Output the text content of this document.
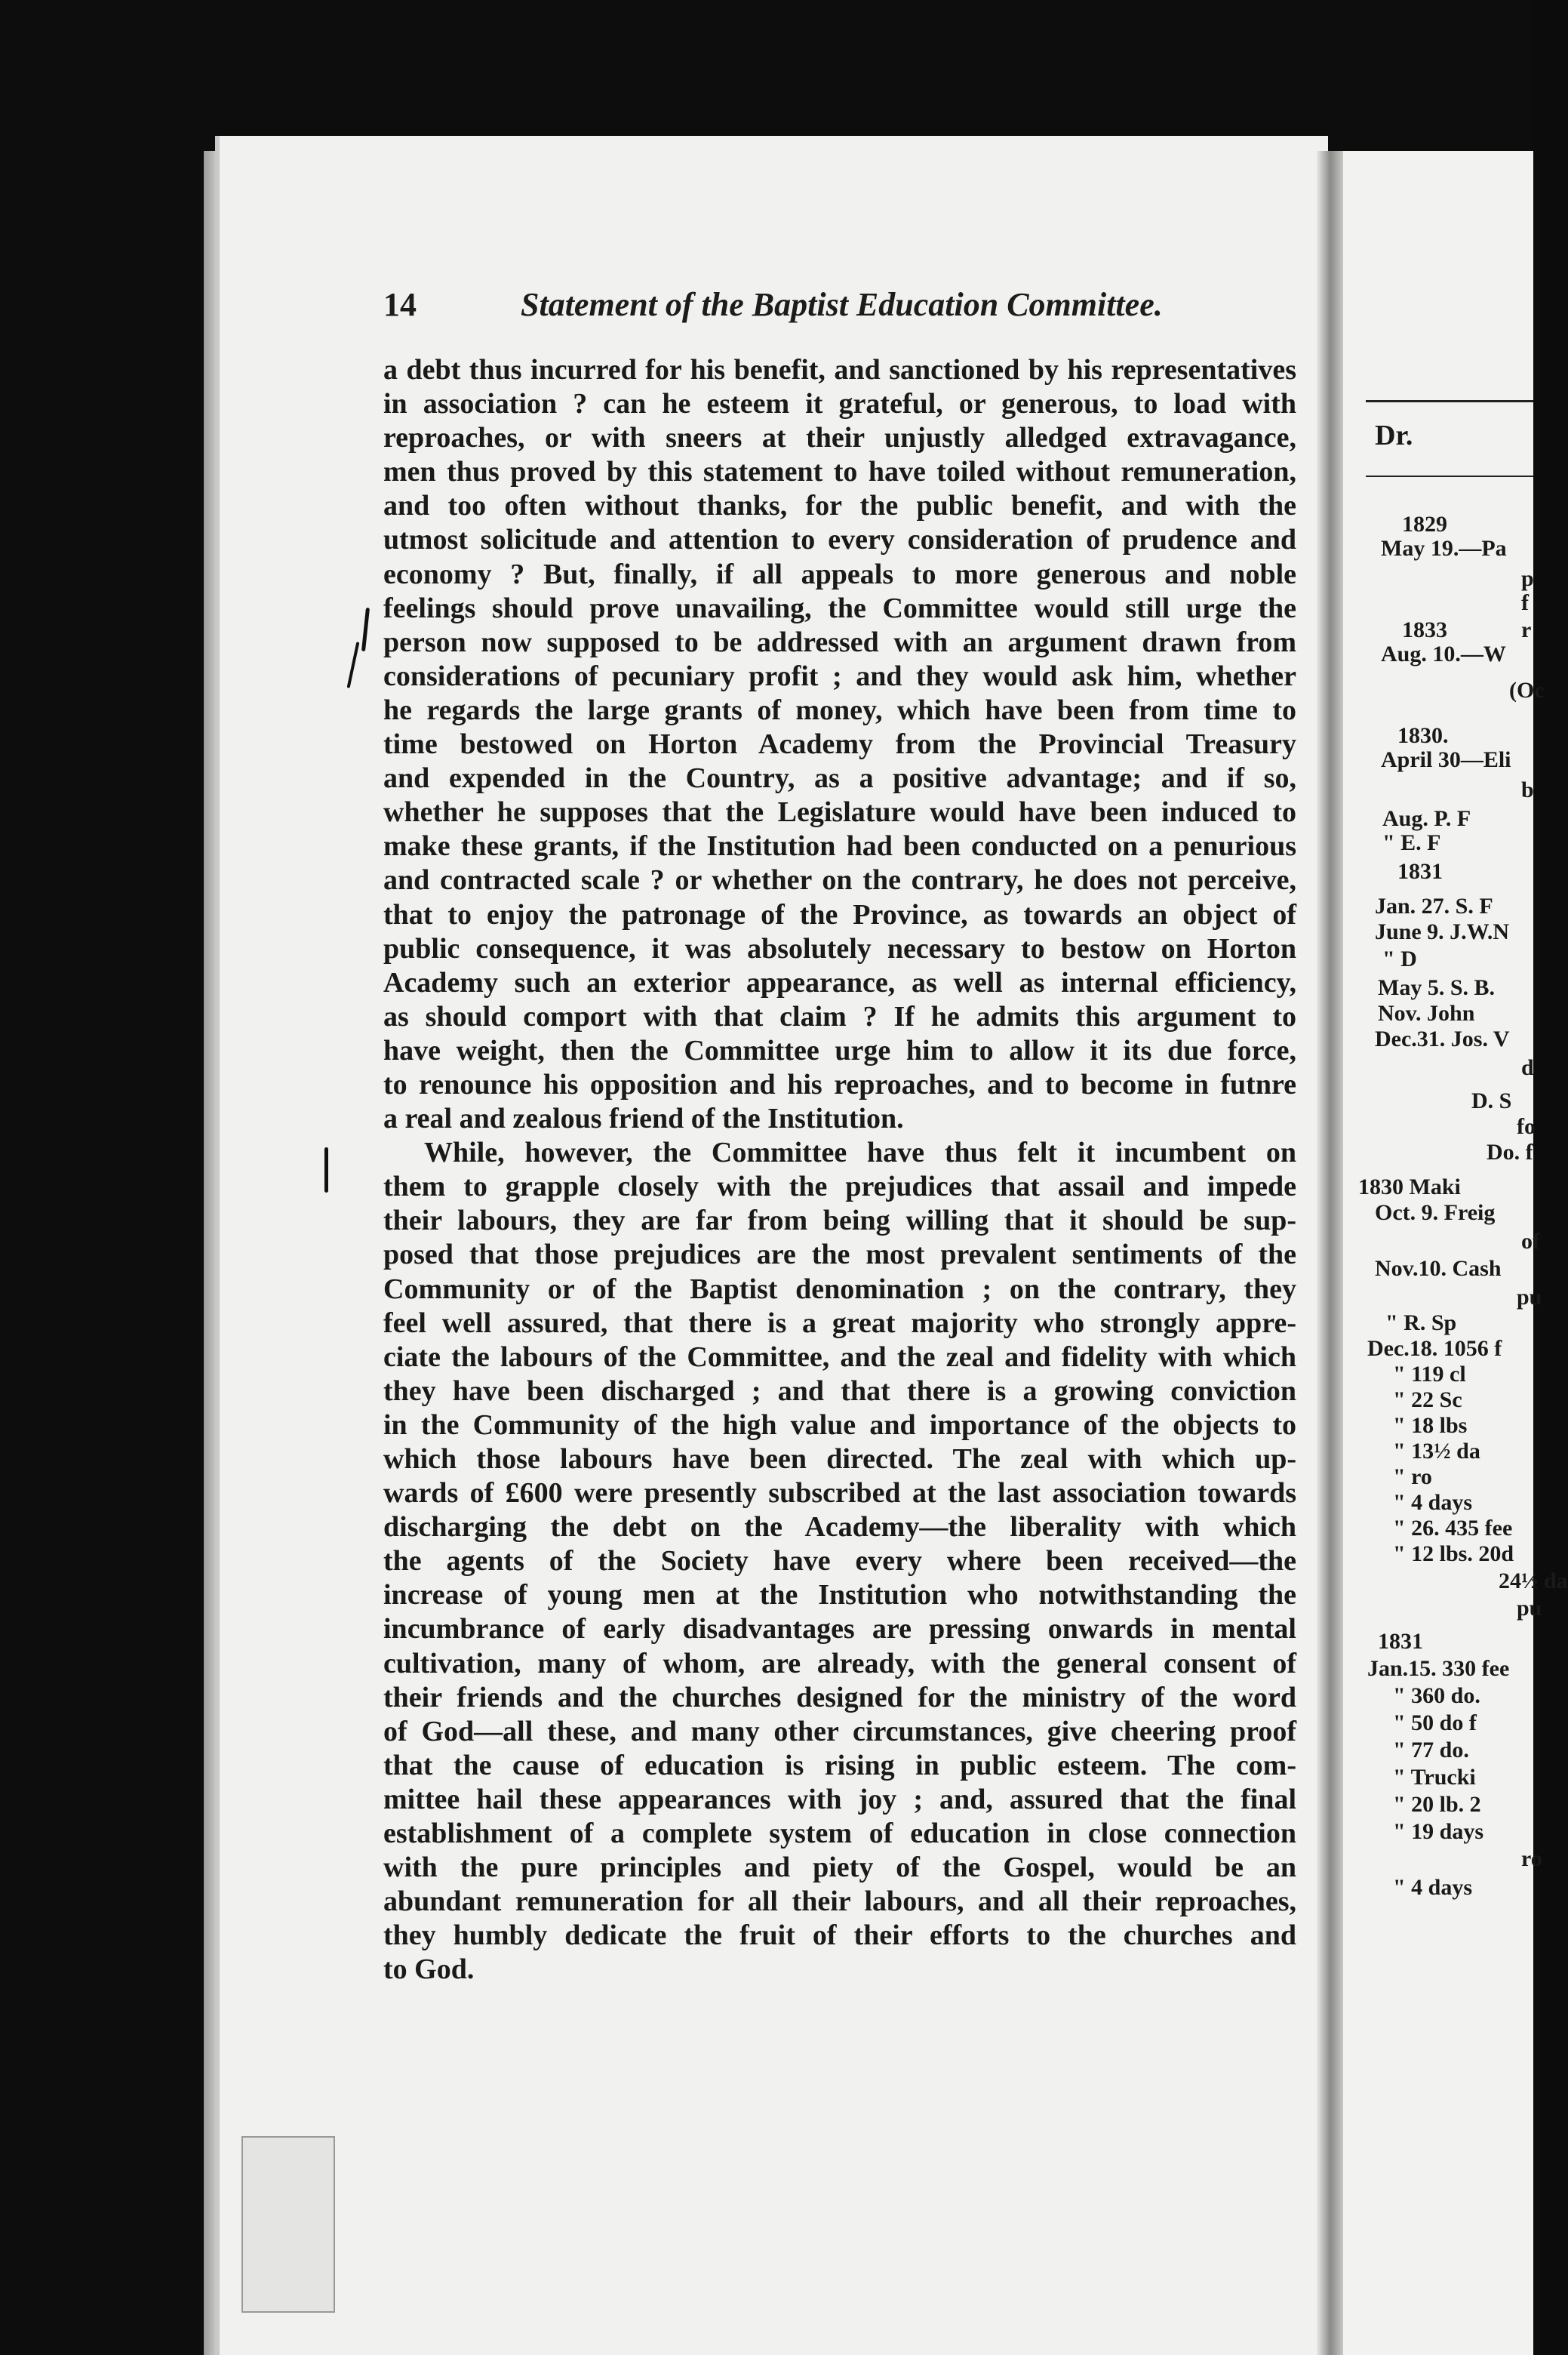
14	Statement of the Baptist Education Committee.
a debt thus incurred for his benefit, and sanctioned by his representatives
in association ? can he esteem it grateful, or generous, to load with
reproaches, or with sneers at their unjustly alledged extravagance,
men thus proved by this statement to have toiled without remuneration,
and too often without thanks, for the public benefit, and with the
utmost solicitude and attention to every consideration of prudence and
economy ? But, finally, if all appeals to more generous and noble
feelings should prove unavailing, the Committee would still urge the
person now supposed to be addressed with an argument drawn from
considerations of pecuniary profit ; and they would ask him, whether
he regards the large grants of money, which have been from time to
time bestowed on Horton Academy from the Provincial Treasury
and expended in the Country, as a positive advantage; and if so,
whether he supposes that the Legislature would have been induced to
make these grants, if the Institution had been conducted on a penurious
and contracted scale ? or whether on the contrary, he does not perceive,
that to enjoy the patronage of the Province, as towards an object of
public consequence, it was absolutely necessary to bestow on Horton
Academy such an exterior appearance, as well as internal efficiency,
as should comport with that claim ? If he admits this argument to
have weight, then the Committee urge him to allow it its due force,
to renounce his opposition and his reproaches, and to become in futnre
a real and zealous friend of the Institution.
While, however, the Committee have thus felt it incumbent on
them to grapple closely with the prejudices that assail and impede
their labours, they are far from being willing that it should be sup-
posed that those prejudices are the most prevalent sentiments of the
Community or of the Baptist denomination ; on the contrary, they
feel well assured, that there is a great majority who strongly appre-
ciate the labours of the Committee, and the zeal and fidelity with which
they have been discharged ; and that there is a growing conviction
in the Community of the high value and importance of the objects to
which those labours have been directed. The zeal with which up-
wards of £600 were presently subscribed at the last association towards
discharging the debt on the Academy—the liberality with which
the agents of the Society have every where been received—the
increase of young men at the Institution who notwithstanding the
incumbrance of early disadvantages are pressing onwards in mental
cultivation, many of whom, are already, with the general consent of
their friends and the churches designed for the ministry of the word
of God—all these, and many other circumstances, give cheering proof
that the cause of education is rising in public esteem. The com-
mittee hail these appearances with joy ; and, assured that the final
establishment of a complete system of education in close connection
with the pure principles and piety of the Gospel, would be an
abundant remuneration for all their labours, and all their reproaches,
they humbly dedicate the fruit of their efforts to the churches and
to God.
Dr.
1829
May 19.—Pa
p
f
1833	r
Aug. 10.—W
(Oc
1830.
April 30—Eli
b
Aug. P. F
" E. F
1831
Jan. 27. S. F
June 9. J.W.N
" D
May 5. S. B.
Nov. John
Dec.31. Jos. V
d
D. S
fo
Do. f
1830 Maki
Oct. 9. Freig
of
Nov.10. Cash
pu
" R. Sp
Dec.18. 1056 f
" 119 cl
" 22 Sc
" 18 lbs
" 13½ da
" ro
" 4 days
" 26. 435 fee
" 12 lbs. 20d
24½ da
pu
1831
Jan.15. 330 fee
" 360 do.
" 50 do f
" 77 do.
" Trucki
" 20 lb. 2
" 19 days
ro
" 4 days
